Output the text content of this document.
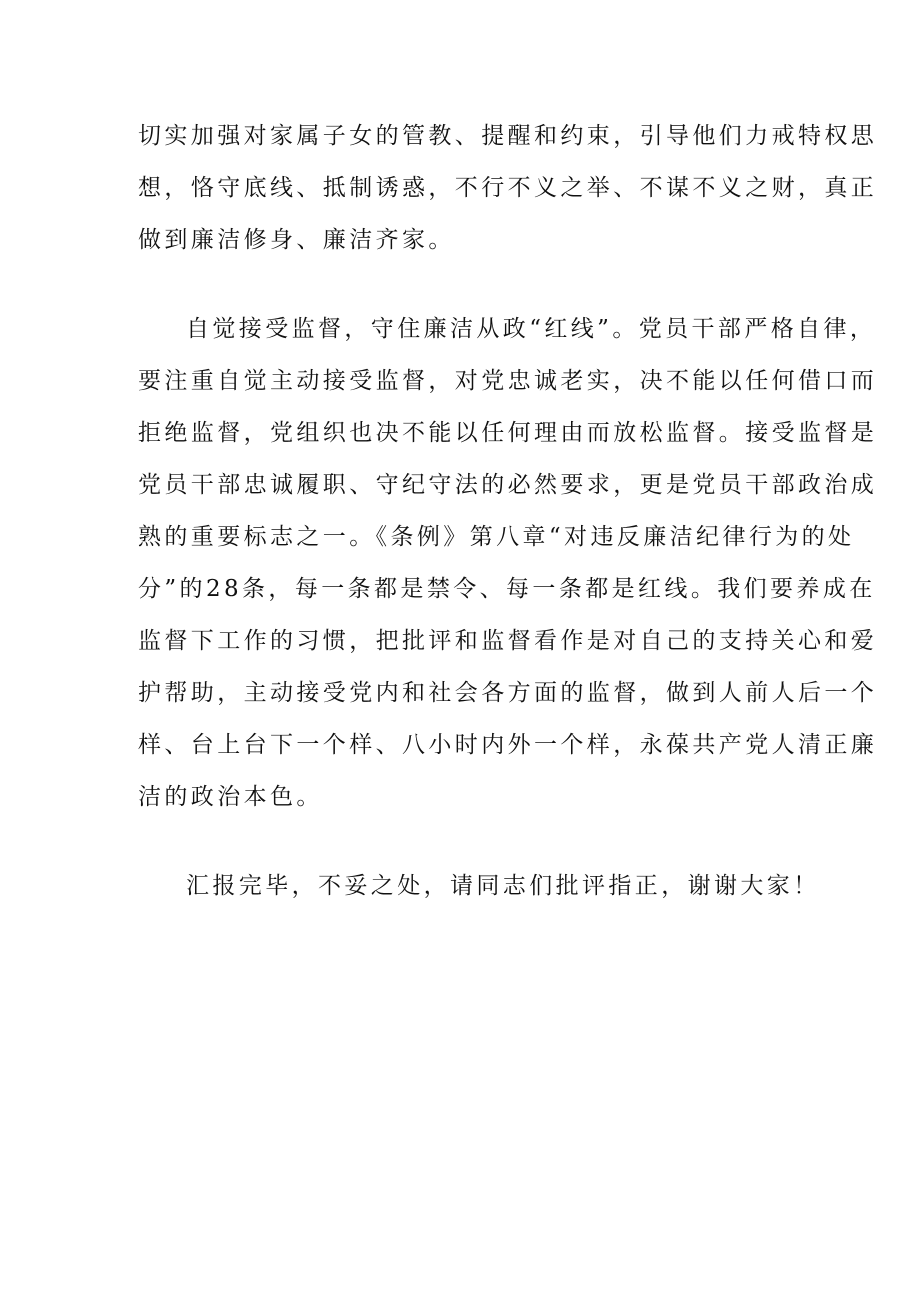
切实加强对家属子女的管教、提醒和约束，引导他们力戒特权思
想，恪守底线、抵制诱惑，不行不义之举、不谋不义之财，真正
做到廉洁修身、廉洁齐家。
自觉接受监督，守住廉洁从政“红线”。党员干部严格自律，
要注重自觉主动接受监督，对党忠诚老实，决不能以任何借口而
拒绝监督，党组织也决不能以任何理由而放松监督。接受监督是
党员干部忠诚履职、守纪守法的必然要求，更是党员干部政治成
熟的重要标志之一。《条例》第八章“对违反廉洁纪律行为的处
分”的28条，每一条都是禁令、每一条都是红线。我们要养成在
监督下工作的习惯，把批评和监督看作是对自己的支持关心和爱
护帮助，主动接受党内和社会各方面的监督，做到人前人后一个
样、台上台下一个样、八小时内外一个样，永葆共产党人清正廉
洁的政治本色。
汇报完毕，不妥之处，请同志们批评指正，谢谢大家！
